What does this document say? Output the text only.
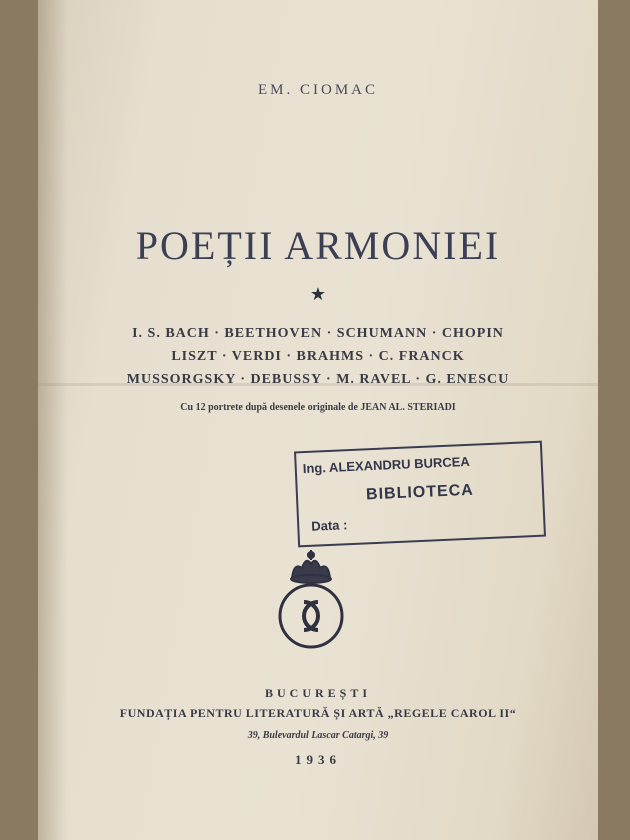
EM. CIOMAC
POEȚII ARMONIEI
★
I. S. BACH · BEETHOVEN · SCHUMANN · CHOPIN
LISZT · VERDI · BRAHMS · C. FRANCK
MUSSORGSKY · DEBUSSY · M. RAVEL · G. ENESCU
Cu 12 portrete după desenele originale de JEAN AL. STERIADI
Ing. ALEXANDRU BURCEA
BIBLIOTECA
Data :
BUCUREȘTI
FUNDAȚIA PENTRU LITERATURĂ ȘI ARTĂ „REGELE CAROL II“
39, Bulevardul Lascar Catargi, 39
1936
